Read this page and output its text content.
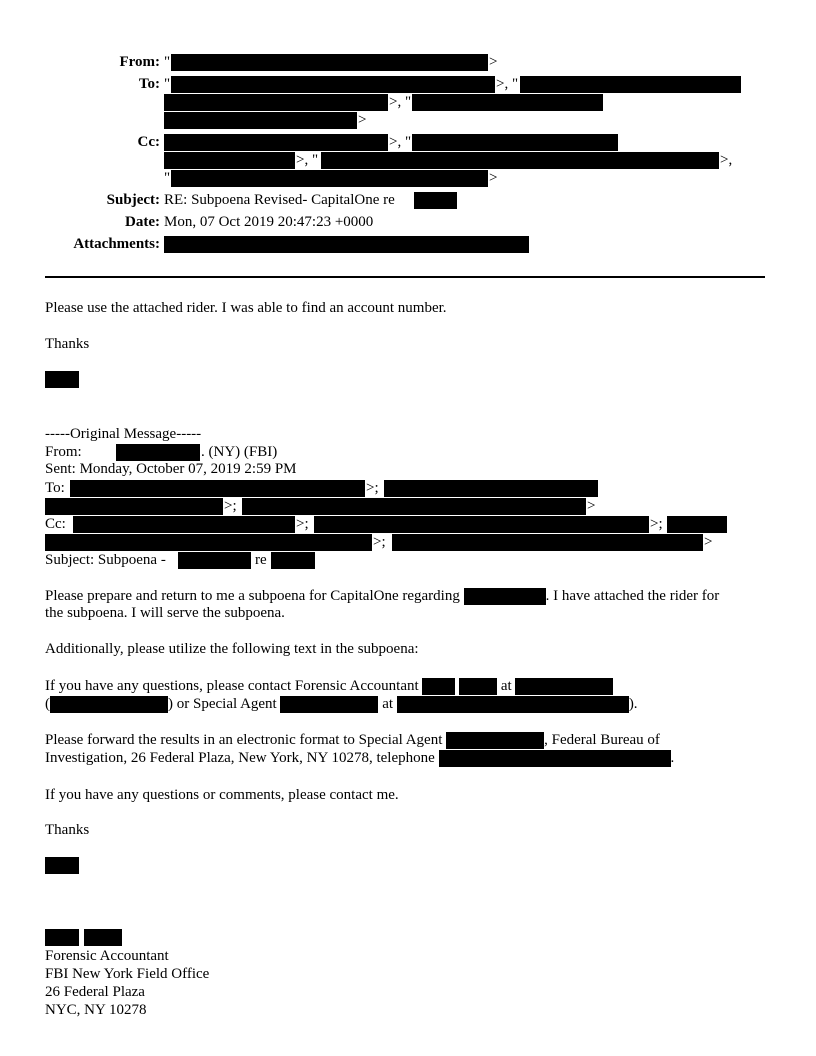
From: "	>
To: "	>, "
>, "
>
Cc:	>, "
>, "	>,
"	>
Subject: RE: Subpoena Revised- CapitalOne re
Date: Mon, 07 Oct 2019 20:47:23 +0000
Attachments:
Please use the attached rider. I was able to find an account number.
Thanks
-----Original Message-----
From:	. (NY) (FBI)
Sent: Monday, October 07, 2019 2:59 PM
To:	>;
>;	>
Cc:	>;	>;
>;	>
Subject: Subpoena -	re
Please prepare and return to me a subpoena for CapitalOne regarding	. I have attached the rider for
the subpoena. I will serve the subpoena.
Additionally, please utilize the following text in the subpoena:
If you have any questions, please contact Forensic Accountant	at
(	) or Special Agent	at	).
Please forward the results in an electronic format to Special Agent	, Federal Bureau of
Investigation, 26 Federal Plaza, New York, NY 10278, telephone	.
If you have any questions or comments, please contact me.
Thanks
Forensic Accountant
FBI New York Field Office
26 Federal Plaza
NYC, NY 10278
